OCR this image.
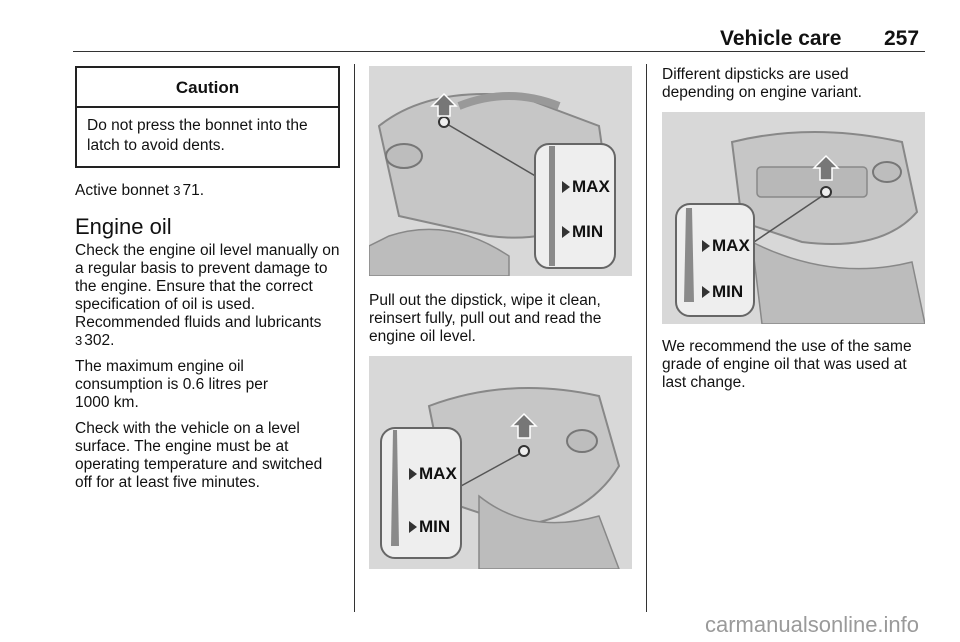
Vehicle care 257
Caution
Do not press the bonnet into the latch to avoid dents.

Active bonnet 3 71.

Engine oil

Check the engine oil level manually on a regular basis to prevent damage to the engine. Ensure that the correct specification of oil is used. Recommended fluids and lubricants
3 302.

The maximum engine oil consumption is 0.6 litres per 1000 km.

Check with the vehicle on a level surface. The engine must be at operating temperature and switched off for at least five minutes.

MAX
MIN

Pull out the dipstick, wipe it clean, reinsert fully, pull out and read the engine oil level.

MAX
MIN

Different dipsticks are used depending on engine variant.

MAX
MIN

We recommend the use of the same grade of engine oil that was used at last change.

carmanualsonline.info
